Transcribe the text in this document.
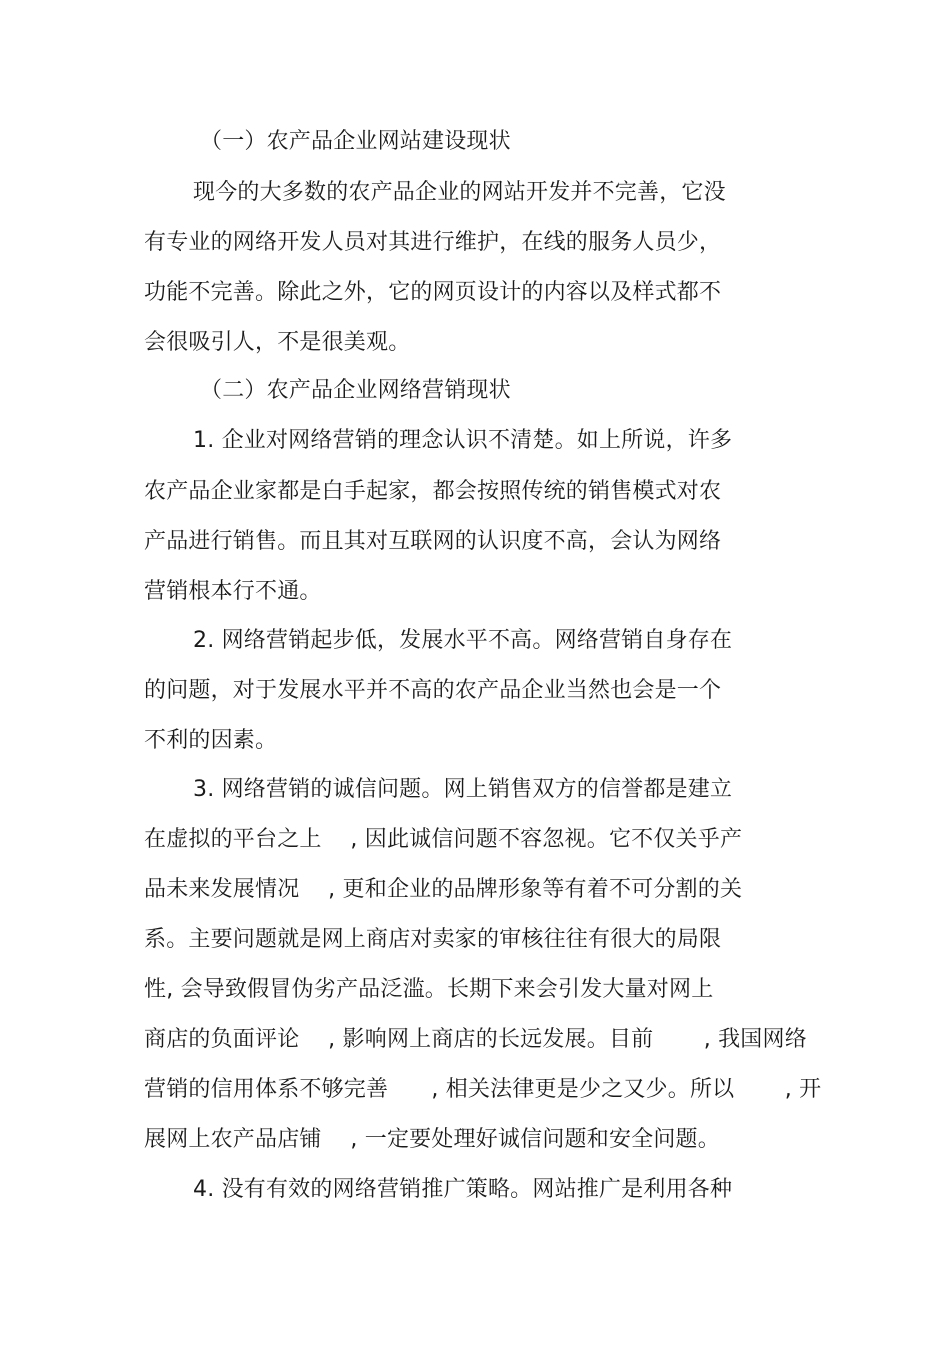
（一）农产品企业网站建设现状
现今的大多数的农产品企业的网站开发并不完善，它没
有专业的网络开发人员对其进行维护，在线的服务人员少，
功能不完善。除此之外，它的网页设计的内容以及样式都不
会很吸引人，不是很美观。
（二）农产品企业网络营销现状
1. 企业对网络营销的理念认识不清楚。如上所说，许多
农产品企业家都是白手起家，都会按照传统的销售模式对农
产品进行销售。而且其对互联网的认识度不高，会认为网络
营销根本行不通。
2. 网络营销起步低，发展水平不高。网络营销自身存在
的问题，对于发展水平并不高的农产品企业当然也会是一个
不利的因素。
3. 网络营销的诚信问题。网上销售双方的信誉都是建立
在虚拟的平台之上    , 因此诚信问题不容忽视。它不仅关乎产
品未来发展情况    , 更和企业的品牌形象等有着不可分割的关
系。主要问题就是网上商店对卖家的审核往往有很大的局限
性, 会导致假冒伪劣产品泛滥。长期下来会引发大量对网上
商店的负面评论    , 影响网上商店的长远发展。目前       , 我国网络
营销的信用体系不够完善      , 相关法律更是少之又少。所以       , 开
展网上农产品店铺    , 一定要处理好诚信问题和安全问题。
4. 没有有效的网络营销推广策略。网站推广是利用各种
